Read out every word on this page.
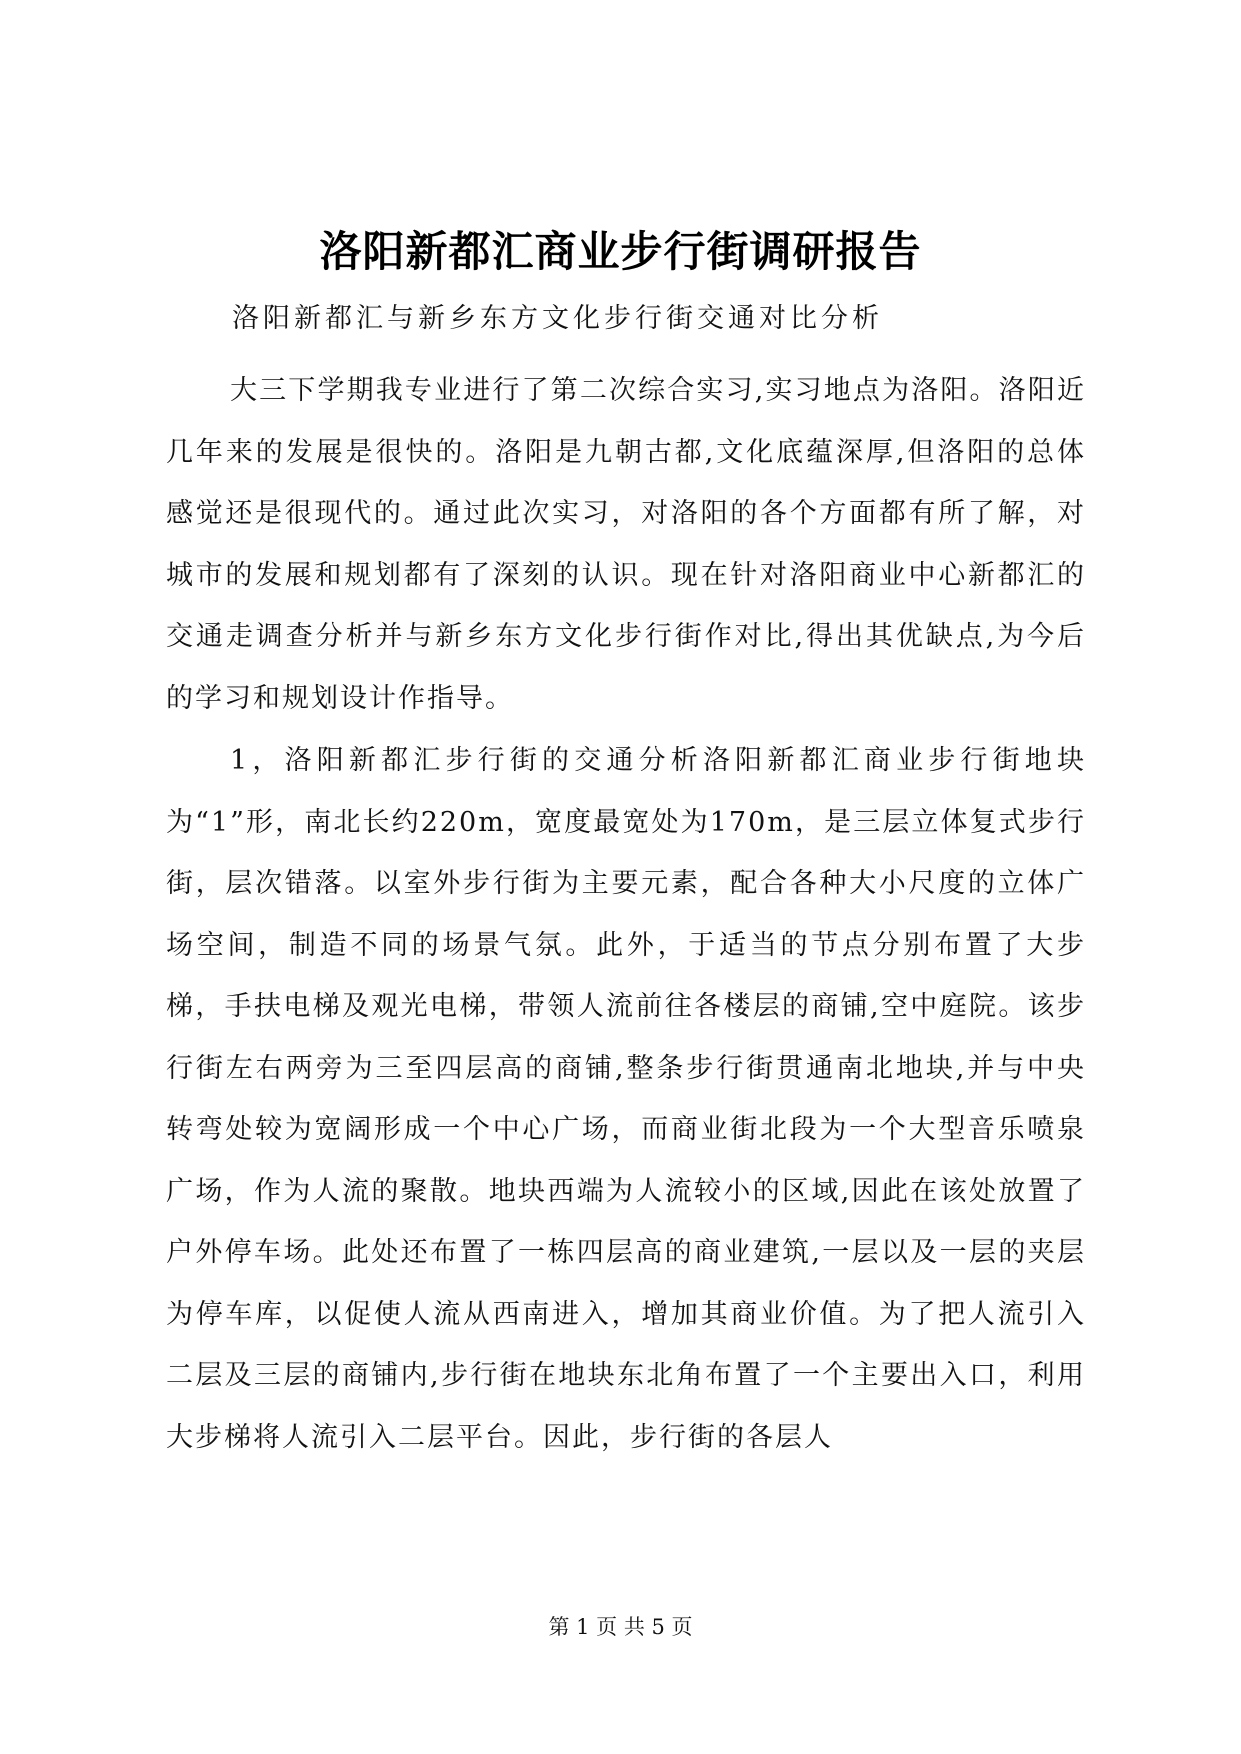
洛阳新都汇商业步行街调研报告
洛阳新都汇与新乡东方文化步行街交通对比分析

大三下学期我专业进行了第二次综合实习,实习地点为洛阳。洛阳近几年来的发展是很快的。洛阳是九朝古都,文化底蕴深厚,但洛阳的总体感觉还是很现代的。通过此次实习，对洛阳的各个方面都有所了解，对城市的发展和规划都有了深刻的认识。现在针对洛阳商业中心新都汇的交通走调查分析并与新乡东方文化步行街作对比,得出其优缺点,为今后的学习和规划设计作指导。

1，洛阳新都汇步行街的交通分析洛阳新都汇商业步行街地块为“1”形，南北长约220m，宽度最宽处为170m，是三层立体复式步行街，层次错落。以室外步行街为主要元素，配合各种大小尺度的立体广场空间，制造不同的场景气氛。此外，于适当的节点分别布置了大步梯，手扶电梯及观光电梯，带领人流前往各楼层的商铺,空中庭院。该步行街左右两旁为三至四层高的商铺,整条步行街贯通南北地块,并与中央转弯处较为宽阔形成一个中心广场，而商业街北段为一个大型音乐喷泉广场，作为人流的聚散。地块西端为人流较小的区域,因此在该处放置了户外停车场。此处还布置了一栋四层高的商业建筑,一层以及一层的夹层为停车库，以促使人流从西南进入，增加其商业价值。为了把人流引入二层及三层的商铺内,步行街在地块东北角布置了一个主要出入口，利用大步梯将人流引入二层平台。因此，步行街的各层人

第 1 页 共 5 页
